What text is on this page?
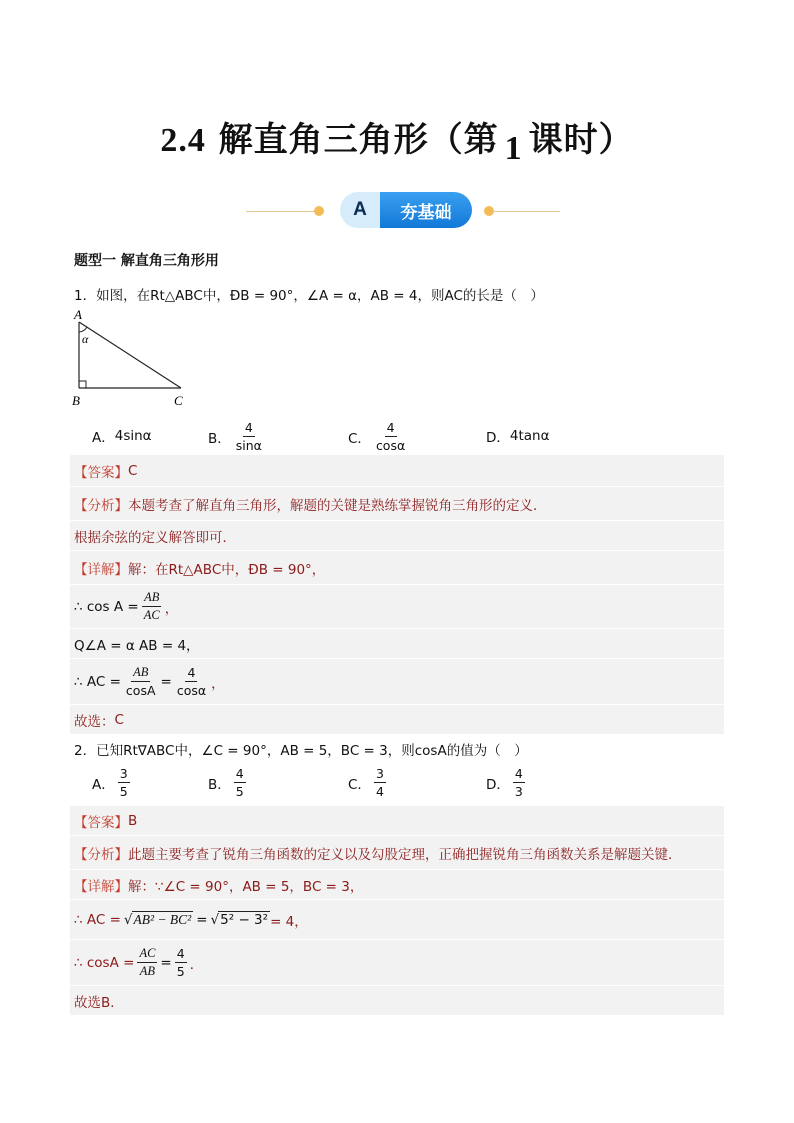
2.4 解直角三角形（第 1 课时）
A	夯基础
题型一 解直角三角形用
1．如图，在Rt△ABC中，ÐB = 90°，∠A = α，AB = 4，则AC的长是（　）
A
B	C
α
A． 4sinα	B． $\frac{4}{\sin\alpha}$	C． $\frac{4}{\cos\alpha}$	D． 4tanα
【答案】 C
【分析】 本题考查了解直角三角形，解题的关键是熟练掌握锐角三角形的定义．
根据余弦的定义解答即可．
【详解】 解：在Rt△ABC中，ÐB = 90°，
∴ $\cos A = \frac{AB}{AC}$ ，
Q∠A = α AB = 4，
∴ AC = $\frac{AB}{\cos A} = \frac{4}{\cos\alpha}$ ，
故选： C
2．已知Rt∇ABC中，∠C = 90°，AB = 5，BC = 3，则cosA的值为（　）
A． $\frac{3}{5}$	B． $\frac{4}{5}$	C． $\frac{3}{4}$	D． $\frac{4}{3}$
【答案】 B
【分析】 此题主要考查了锐角三角函数的定义以及勾股定理，正确把握锐角三角函数关系是解题关键．
【详解】 解：∵∠C = 90°，AB = 5，BC = 3，
∴ AC = √ AB² − BC² = √ 5² − 3² = 4，
∴ $\cos A = \frac{AC}{AB} = \frac{4}{5}$ ．
故选B．
